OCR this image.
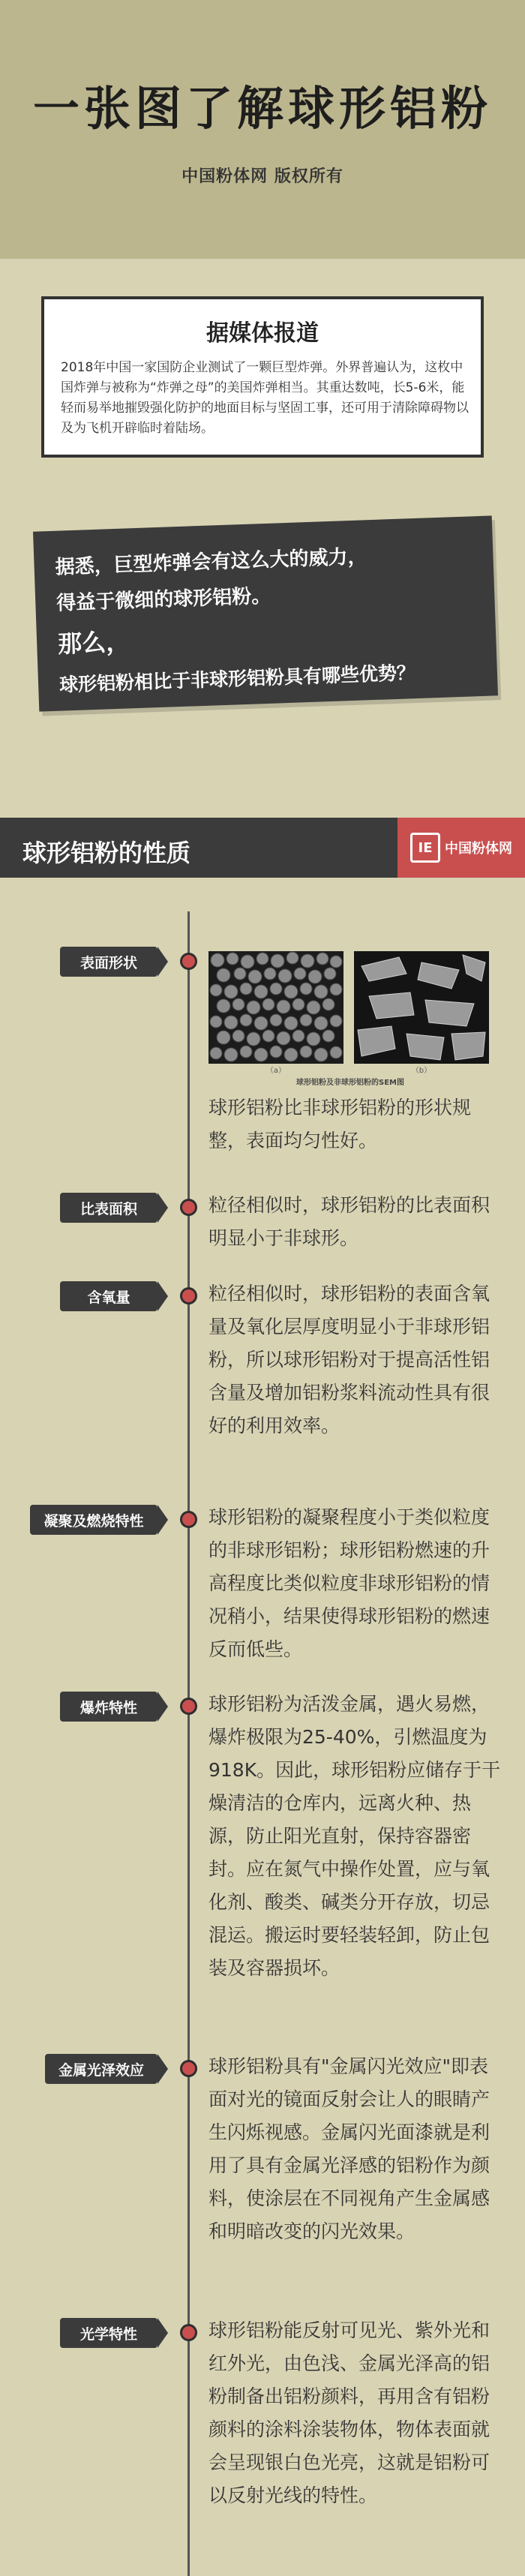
一张图了解球形铝粉
中国粉体网 版权所有
据媒体报道
2018年中国一家国防企业测试了一颗巨型炸弹。外界普遍认为，这枚中国炸弹与被称为“炸弹之母”的美国炸弹相当。其重达数吨，长5-6米，能轻而易举地摧毁强化防护的地面目标与坚固工事，还可用于清除障碍物以及为飞机开辟临时着陆场。
据悉，巨型炸弹会有这么大的威力，
得益于微细的球形铝粉。
那么，
球形铝粉相比于非球形铝粉具有哪些优势？
球形铝粉的性质	IE 中国粉体网
表面形状
（a）	（b）
球形铝粉及非球形铝粉的SEM图
球形铝粉比非球形铝粉的形状规整，表面均匀性好。
比表面积	粒径相似时，球形铝粉的比表面积明显小于非球形。
含氧量	粒径相似时，球形铝粉的表面含氧量及氧化层厚度明显小于非球形铝粉，所以球形铝粉对于提高活性铝含量及增加铝粉浆料流动性具有很好的利用效率。
凝聚及燃烧特性	球形铝粉的凝聚程度小于类似粒度的非球形铝粉；球形铝粉燃速的升高程度比类似粒度非球形铝粉的情况稍小，结果使得球形铝粉的燃速反而低些。
爆炸特性	球形铝粉为活泼金属，遇火易燃，爆炸极限为25-40%，引燃温度为918K。因此，球形铝粉应储存于干燥清洁的仓库内，远离火种、热源，防止阳光直射，保持容器密封。应在氮气中操作处置，应与氧化剂、酸类、碱类分开存放，切忌混运。搬运时要轻装轻卸，防止包装及容器损坏。
金属光泽效应	球形铝粉具有"金属闪光效应"即表面对光的镜面反射会让人的眼睛产生闪烁视感。金属闪光面漆就是利用了具有金属光泽感的铝粉作为颜料，使涂层在不同视角产生金属感和明暗改变的闪光效果。
光学特性	球形铝粉能反射可见光、紫外光和红外光，由色浅、金属光泽高的铝粉制备出铝粉颜料，再用含有铝粉颜料的涂料涂装物体，物体表面就会呈现银白色光亮，这就是铝粉可以反射光线的特性。
